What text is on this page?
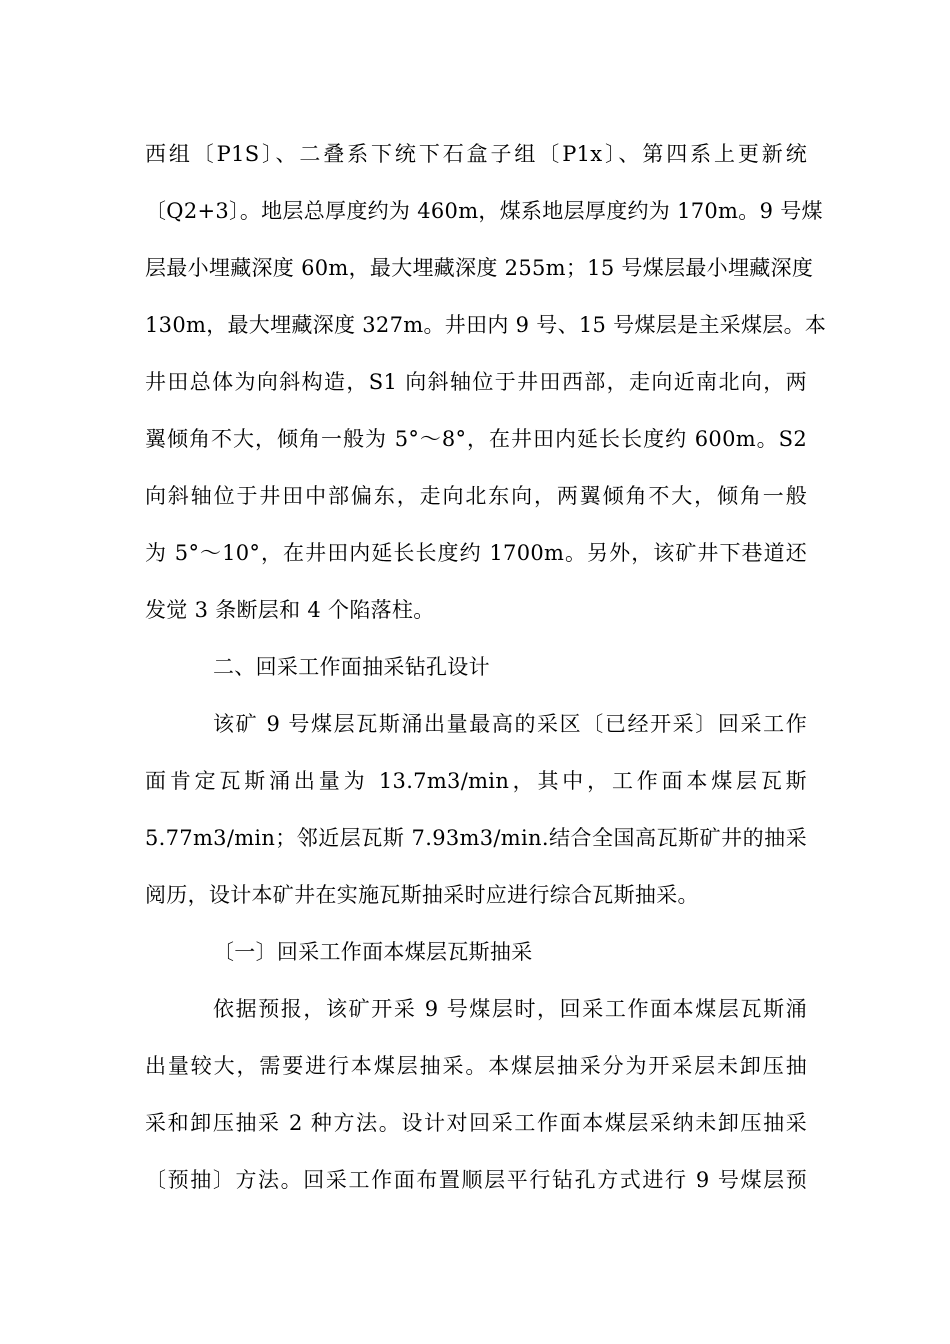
西组〔P1S〕、二叠系下统下石盒子组〔P1x〕、第四系上更新统
〔Q2+3〕。地层总厚度约为 460m，煤系地层厚度约为 170m。9 号煤
层最小埋藏深度 60m，最大埋藏深度 255m；15 号煤层最小埋藏深度
130m，最大埋藏深度 327m。井田内 9 号、15 号煤层是主采煤层。本
井田总体为向斜构造，S1 向斜轴位于井田西部，走向近南北向，两
翼倾角不大，倾角一般为 5°～8°，在井田内延长长度约 600m。S2
向斜轴位于井田中部偏东，走向北东向，两翼倾角不大，倾角一般
为 5°～10°，在井田内延长长度约 1700m。另外，该矿井下巷道还
发觉 3 条断层和 4 个陷落柱。
二、回采工作面抽采钻孔设计
该矿 9 号煤层瓦斯涌出量最高的采区〔已经开采〕回采工作
面肯定瓦斯涌出量为 13.7m3/min，其中，工作面本煤层瓦斯
5.77m3/min；邻近层瓦斯 7.93m3/min.结合全国高瓦斯矿井的抽采
阅历，设计本矿井在实施瓦斯抽采时应进行综合瓦斯抽采。
〔一〕回采工作面本煤层瓦斯抽采
依据预报，该矿开采 9 号煤层时，回采工作面本煤层瓦斯涌
出量较大，需要进行本煤层抽采。本煤层抽采分为开采层未卸压抽
采和卸压抽采 2 种方法。设计对回采工作面本煤层采纳未卸压抽采
〔预抽〕方法。回采工作面布置顺层平行钻孔方式进行 9 号煤层预
